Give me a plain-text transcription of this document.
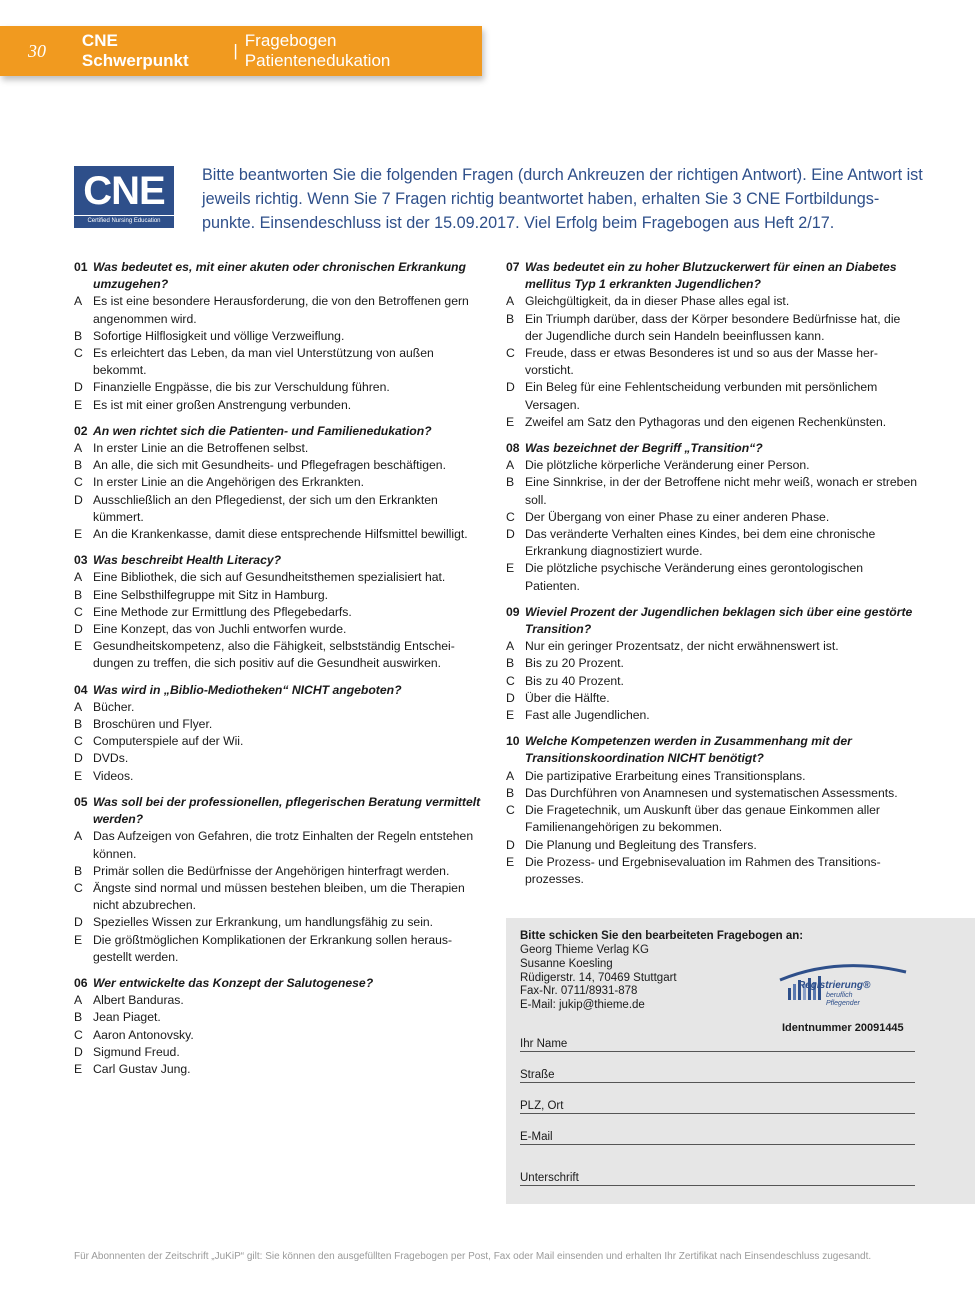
30	CNE Schwerpunkt
|
Fragebogen Patientenedukation
CNE
Certified Nursing Education
Bitte beantworten Sie die folgenden Fragen (durch Ankreuzen der richtigen Antwort). Eine Antwort ist jeweils richtig. Wenn Sie 7 Fragen richtig beantwortet haben, erhalten Sie 3 CNE Fortbildungs-punkte. Einsendeschluss ist der 15.09.2017. Viel Erfolg beim Fragebogen aus Heft 2/17.
01 Was bedeutet es, mit einer akuten oder chronischen Erkrankung umzugehen?
A Es ist eine besondere Herausforderung, die von den Betroffenen gern angenommen wird.
B Sofortige Hilflosigkeit und völlige Verzweiflung.
C Es erleichtert das Leben, da man viel Unterstützung von außen bekommt.
D Finanzielle Engpässe, die bis zur Verschuldung führen.
E Es ist mit einer großen Anstrengung verbunden.
02 An wen richtet sich die Patienten- und Familienedukation?
A In erster Linie an die Betroffenen selbst.
B An alle, die sich mit Gesundheits- und Pflegefragen beschäftigen.
C In erster Linie an die Angehörigen des Erkrankten.
D Ausschließlich an den Pflegedienst, der sich um den Erkrankten kümmert.
E An die Krankenkasse, damit diese entsprechende Hilfsmittel bewilligt.
03 Was beschreibt Health Literacy?
A Eine Bibliothek, die sich auf Gesundheitsthemen spezialisiert hat.
B Eine Selbsthilfegruppe mit Sitz in Hamburg.
C Eine Methode zur Ermittlung des Pflegebedarfs.
D Eine Konzept, das von Juchli entworfen wurde.
E Gesundheitskompetenz, also die Fähigkeit, selbstständig Entschei-dungen zu treffen, die sich positiv auf die Gesundheit auswirken.
04 Was wird in „Biblio-Mediotheken“ NICHT angeboten?
A Bücher.
B Broschüren und Flyer.
C Computerspiele auf der Wii.
D DVDs.
E Videos.
05 Was soll bei der professionellen, pflegerischen Beratung vermittelt werden?
A Das Aufzeigen von Gefahren, die trotz Einhalten der Regeln entstehen können.
B Primär sollen die Bedürfnisse der Angehörigen hinterfragt werden.
C Ängste sind normal und müssen bestehen bleiben, um die Therapien nicht abzubrechen.
D Spezielles Wissen zur Erkrankung, um handlungsfähig zu sein.
E Die größtmöglichen Komplikationen der Erkrankung sollen heraus-gestellt werden.
06 Wer entwickelte das Konzept der Salutogenese?
A Albert Banduras.
B Jean Piaget.
C Aaron Antonovsky.
D Sigmund Freud.
E Carl Gustav Jung.
07 Was bedeutet ein zu hoher Blutzuckerwert für einen an Diabetes mellitus Typ 1 erkrankten Jugendlichen?
A Gleichgültigkeit, da in dieser Phase alles egal ist.
B Ein Triumph darüber, dass der Körper besondere Bedürfnisse hat, die der Jugendliche durch sein Handeln beeinflussen kann.
C Freude, dass er etwas Besonderes ist und so aus der Masse her-vorsticht.
D Ein Beleg für eine Fehlentscheidung verbunden mit persönlichem Versagen.
E Zweifel am Satz den Pythagoras und den eigenen Rechenkünsten.
08 Was bezeichnet der Begriff „Transition“?
A Die plötzliche körperliche Veränderung einer Person.
B Eine Sinnkrise, in der der Betroffene nicht mehr weiß, wonach er streben soll.
C Der Übergang von einer Phase zu einer anderen Phase.
D Das veränderte Verhalten eines Kindes, bei dem eine chronische Erkrankung diagnostiziert wurde.
E Die plötzliche psychische Veränderung eines gerontologischen Patienten.
09 Wieviel Prozent der Jugendlichen beklagen sich über eine gestörte Transition?
A Nur ein geringer Prozentsatz, der nicht erwähnenswert ist.
B Bis zu 20 Prozent.
C Bis zu 40 Prozent.
D Über die Hälfte.
E Fast alle Jugendlichen.
10 Welche Kompetenzen werden in Zusammenhang mit der Transitionskoordination NICHT benötigt?
A Die partizipative Erarbeitung eines Transitionsplans.
B Das Durchführen von Anamnesen und systematischen Assessments.
C Die Fragetechnik, um Auskunft über das genaue Einkommen aller Familienangehörigen zu bekommen.
D Die Planung und Begleitung des Transfers.
E Die Prozess- und Ergebnisevaluation im Rahmen des Transitions-prozesses.
Bitte schicken Sie den bearbeiteten Fragebogen an:
Georg Thieme Verlag KG
Susanne Koesling
Rüdigerstr. 14, 70469 Stuttgart
Fax-Nr. 0711/8931-878
E-Mail: jukip@thieme.de
Registrierung®
beruflich
Pflegender
Identnummer 20091445
Ihr Name
Straße
PLZ, Ort
E-Mail
Unterschrift
Für Abonnenten der Zeitschrift „JuKiP“ gilt: Sie können den ausgefüllten Fragebogen per Post, Fax oder Mail einsenden und erhalten Ihr Zertifikat nach Einsendeschluss zugesandt.
